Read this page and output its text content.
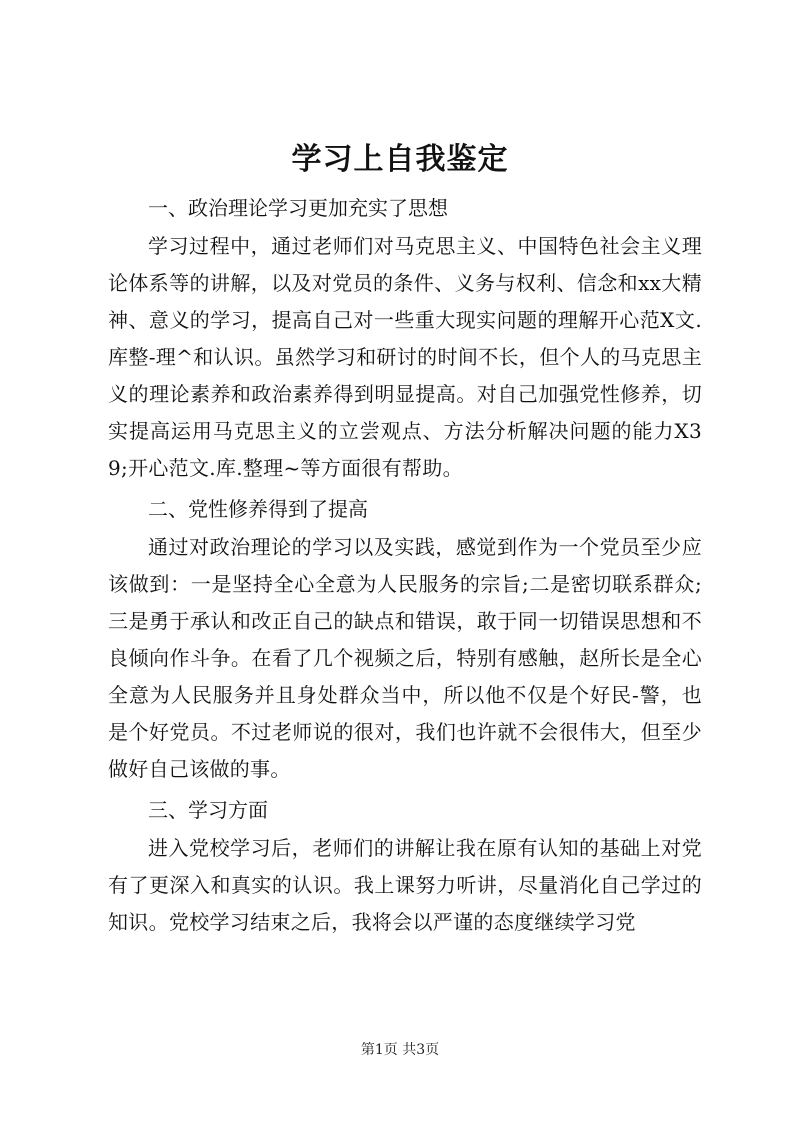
学习上自我鉴定

一、政治理论学习更加充实了思想

学习过程中，通过老师们对马克思主义、中国特色社会主义理论体系等的讲解，以及对党员的条件、义务与权利、信念和xx大精神、意义的学习，提高自己对一些重大现实问题的理解开心范X文.库整-理^和认识。虽然学习和研讨的时间不长，但个人的马克思主义的理论素养和政治素养得到明显提高。对自己加强党性修养，切实提高运用马克思主义的立尝观点、方法分析解决问题的能力X39;开心范文.库.整理~等方面很有帮助。

二、党性修养得到了提高

通过对政治理论的学习以及实践，感觉到作为一个党员至少应该做到：一是坚持全心全意为人民服务的宗旨;二是密切联系群众;三是勇于承认和改正自己的缺点和错误，敢于同一切错误思想和不良倾向作斗争。在看了几个视频之后，特别有感触，赵所长是全心全意为人民服务并且身处群众当中，所以他不仅是个好民-警，也是个好党员。不过老师说的很对，我们也许就不会很伟大，但至少做好自己该做的事。

三、学习方面

进入党校学习后，老师们的讲解让我在原有认知的基础上对党有了更深入和真实的认识。我上课努力听讲，尽量消化自己学过的知识。党校学习结束之后，我将会以严谨的态度继续学习党

第1页 共3页
